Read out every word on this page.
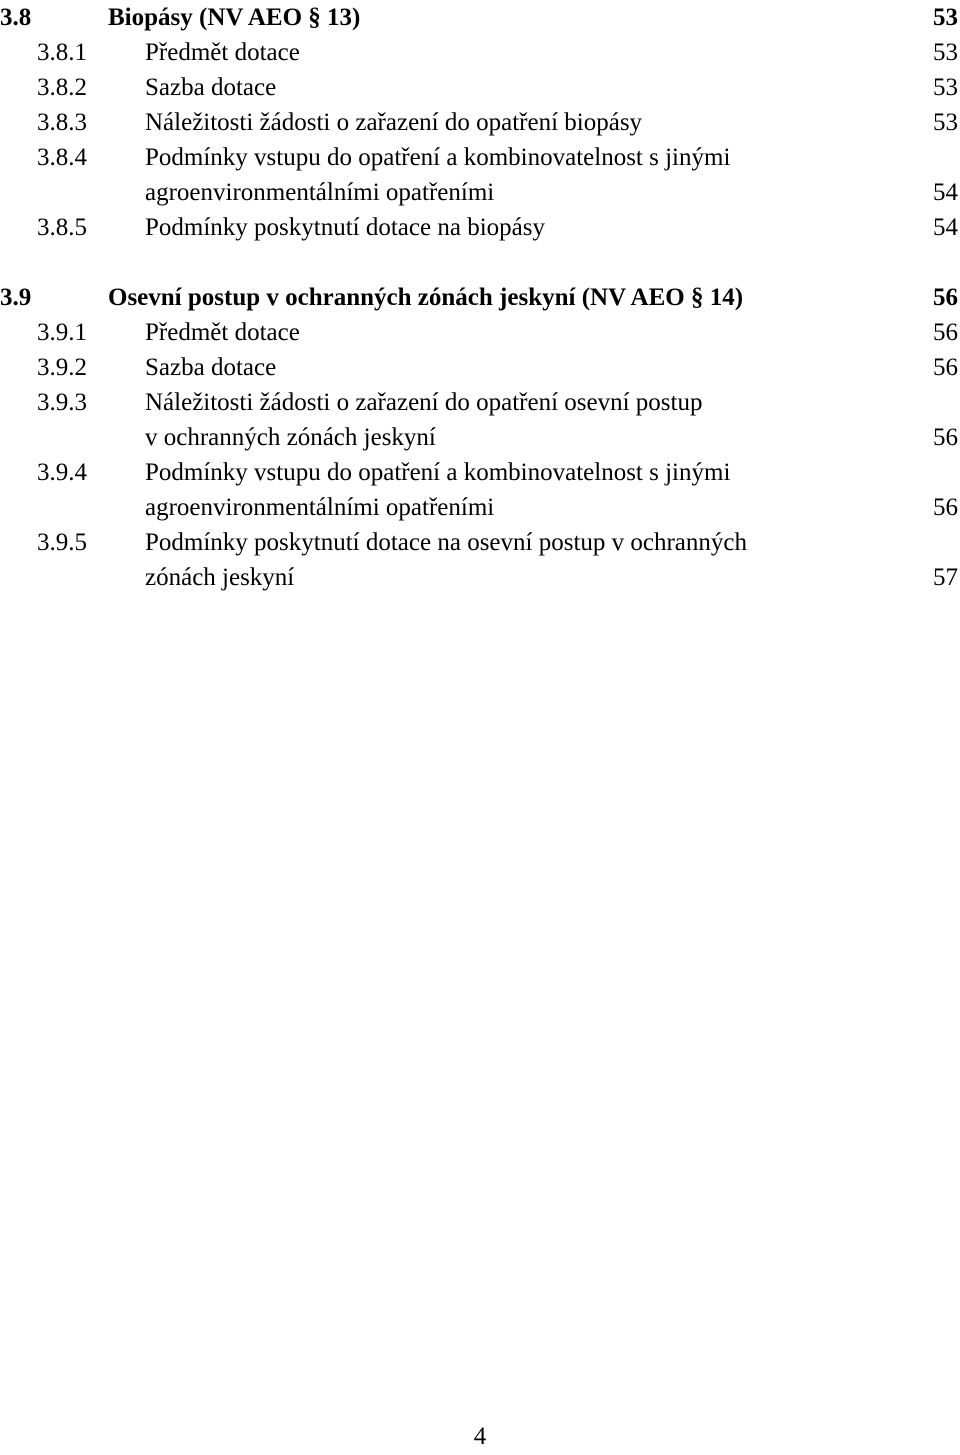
3.8	Biopásy (NV AEO § 13)	53
3.8.1 Předmět dotace	53
3.8.2 Sazba dotace	53
3.8.3 Náležitosti žádosti o zařazení do opatření biopásy	53
3.8.4 Podmínky vstupu do opatření a kombinovatelnost s jinými
agroenvironmentálními opatřeními	54
3.8.5 Podmínky poskytnutí dotace na biopásy	54
3.9	Osevní postup v ochranných zónách jeskyní (NV AEO § 14)	56
3.9.1 Předmět dotace	56
3.9.2 Sazba dotace	56
3.9.3 Náležitosti žádosti o zařazení do opatření osevní postup
v ochranných zónách jeskyní	56
3.9.4 Podmínky vstupu do opatření a kombinovatelnost s jinými
agroenvironmentálními opatřeními	56
3.9.5 Podmínky poskytnutí dotace na osevní postup v ochranných
zónách jeskyní	57
4
